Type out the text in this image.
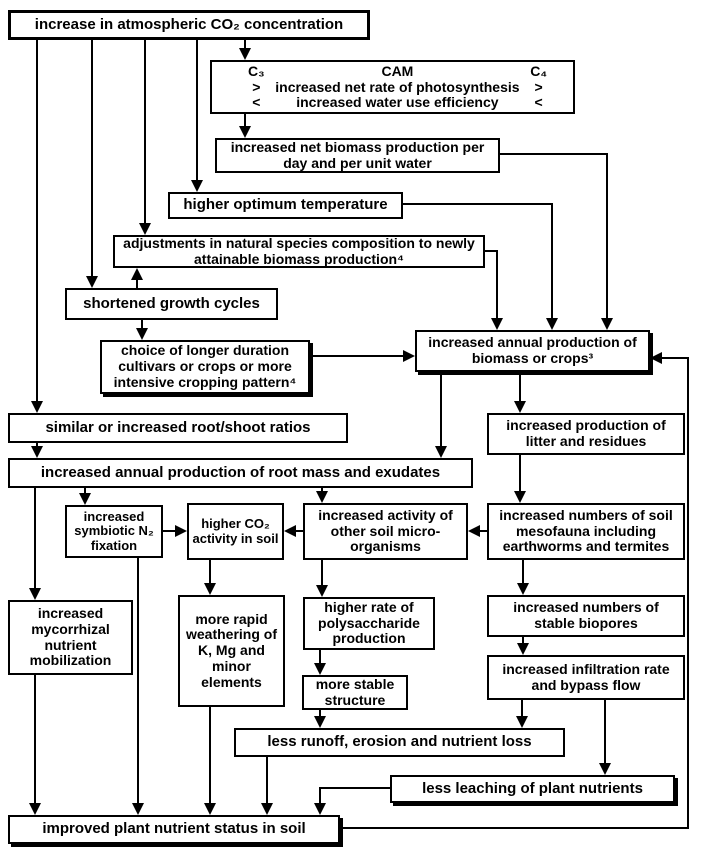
increase in atmospheric CO₂ concentration
C₃
>
<
CAM
increased net rate of photosynthesis
increased water use efficiency
C₄
>
<
increased net biomass production per day and per unit water
higher optimum temperature
adjustments in natural species composition to newly attainable biomass production⁴
shortened growth cycles
choice of longer duration cultivars or crops or more intensive cropping pattern⁴
increased annual production of biomass or crops³
similar or increased root/shoot ratios
increased annual production of root mass and exudates
increased production of litter and residues
increased symbiotic N₂ fixation
higher CO₂ activity in soil
increased activity of other soil micro-organisms
increased numbers of soil mesofauna including earthworms and termites
increased mycorrhizal nutrient mobilization
more rapid weathering of K, Mg and minor elements
higher rate of polysaccharide production
more stable structure
increased numbers of stable biopores
increased infiltration rate and bypass flow
less runoff, erosion and nutrient loss
less leaching of plant nutrients
improved plant nutrient status in soil
